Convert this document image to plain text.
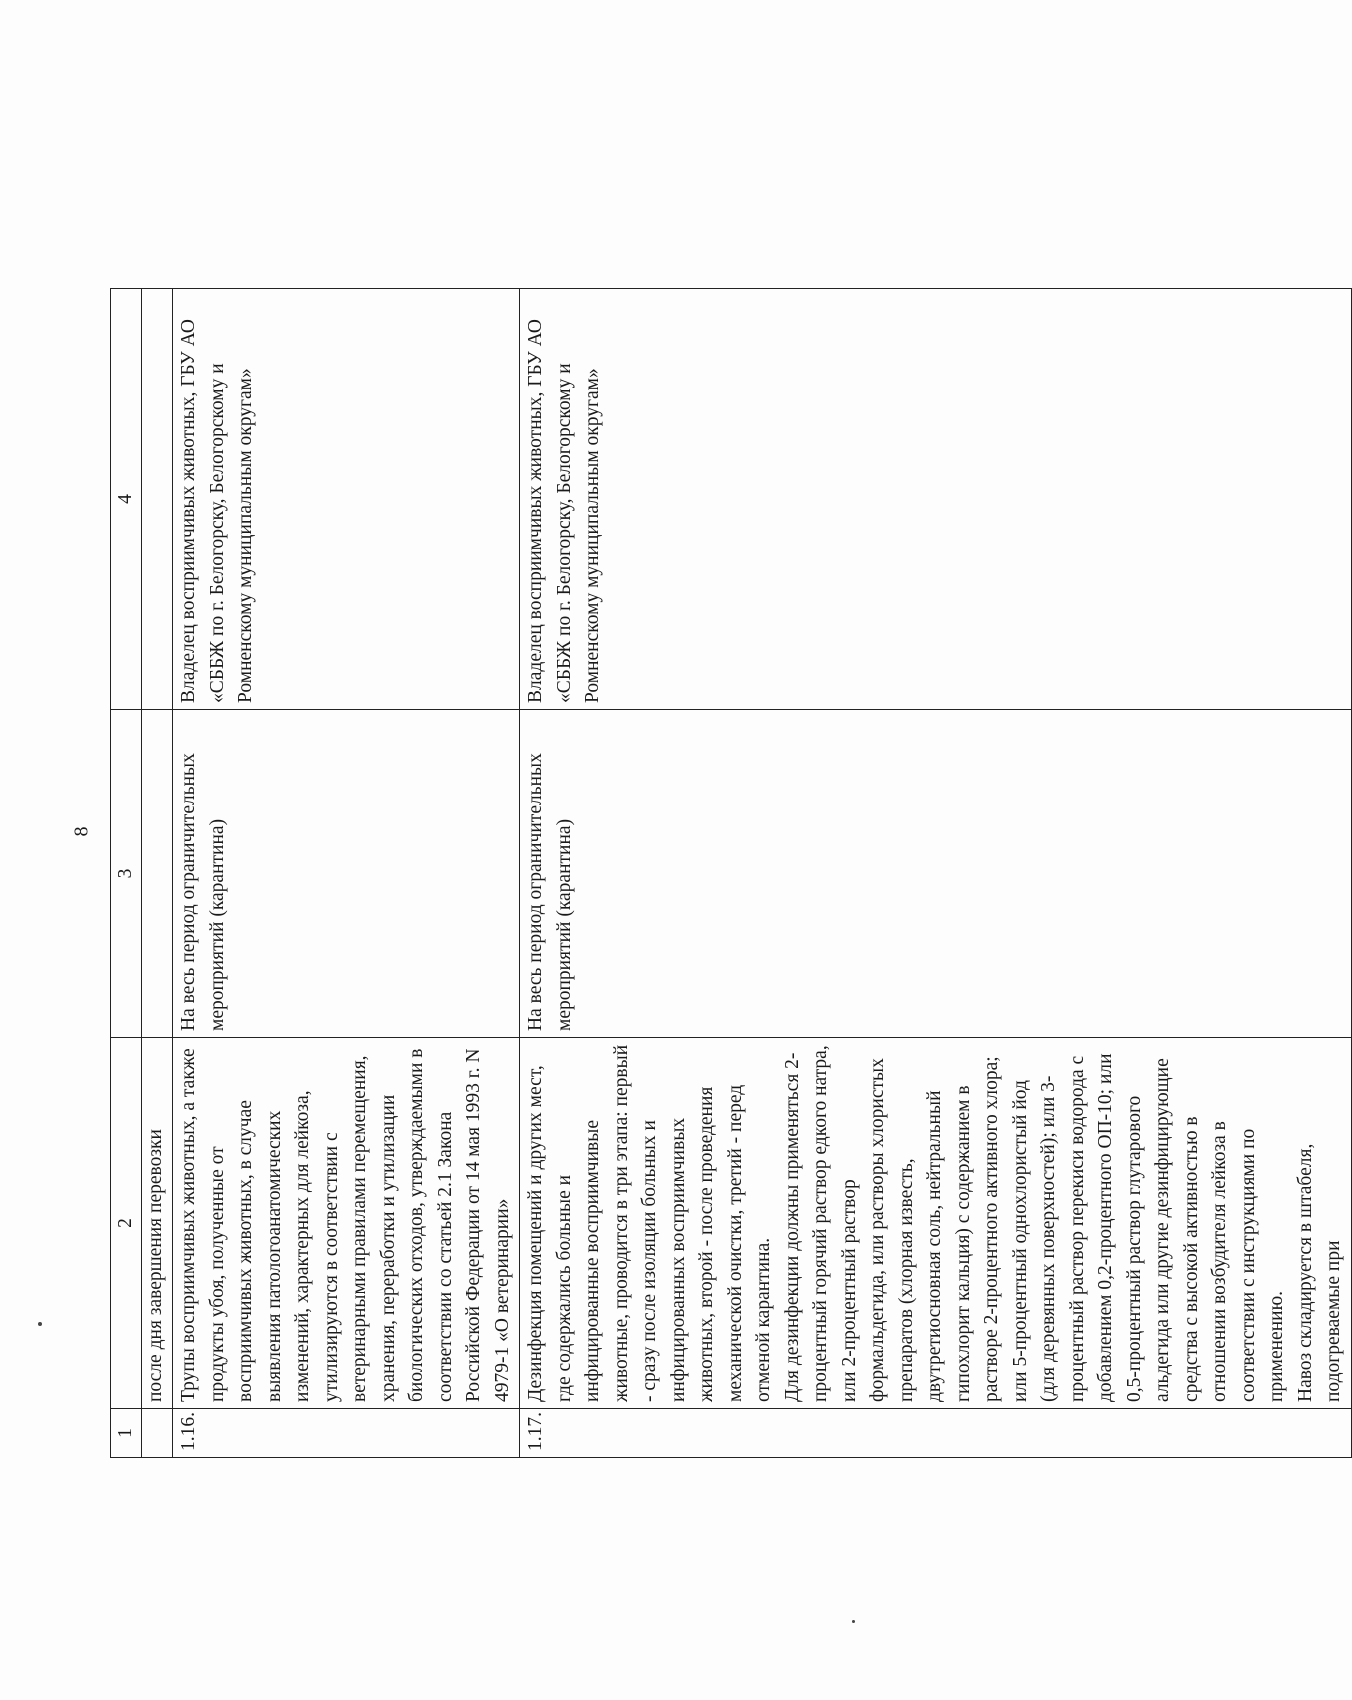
8
1	2	3	4
	после дня завершения перевозки		
1.16.	Трупы восприимчивых животных, а также продукты убоя, полученные от восприимчивых животных, в случае выявления патологоанатомических изменений, характерных для лейкоза, утилизируются в соответствии с ветеринарными правилами перемещения, хранения, переработки и утилизации биологических отходов, утверждаемыми в соответствии со статьей 2.1 Закона Российской Федерации от 14 мая 1993 г. N 4979-1 «О ветеринарии»	На весь период ограничительных мероприятий (карантина)	Владелец восприимчивых животных, ГБУ АО «СББЖ по г. Белогорску, Белогорскому и Ромненскому муниципальным округам»
1.17.	Дезинфекция помещений и других мест, где содержались больные и инфицированные восприимчивые животные, проводится в три этапа: первый - сразу после изоляции больных и инфицированных восприимчивых животных, второй - после проведения механической очистки, третий - перед отменой карантина. Для дезинфекции должны применяться 2-процентный горячий раствор едкого натра, или 2-процентный раствор формальдегида, или растворы хлористых препаратов (хлорная известь, двутретиосновная соль, нейтральный гипохлорит кальция) с содержанием в растворе 2-процентного активного хлора; или 5-процентный однохлористый йод (для деревянных поверхностей); или 3-процентный раствор перекиси водорода с добавлением 0,2-процентного ОП-10; или 0,5-процентный раствор глутарового альдегида или другие дезинфицирующие средства с высокой активностью в отношении возбудителя лейкоза в соответствии с инструкциями по применению. Навоз складируется в штабеля, подогреваемые при	На весь период ограничительных мероприятий (карантина)	Владелец восприимчивых животных, ГБУ АО «СББЖ по г. Белогорску, Белогорскому и Ромненскому муниципальным округам»
